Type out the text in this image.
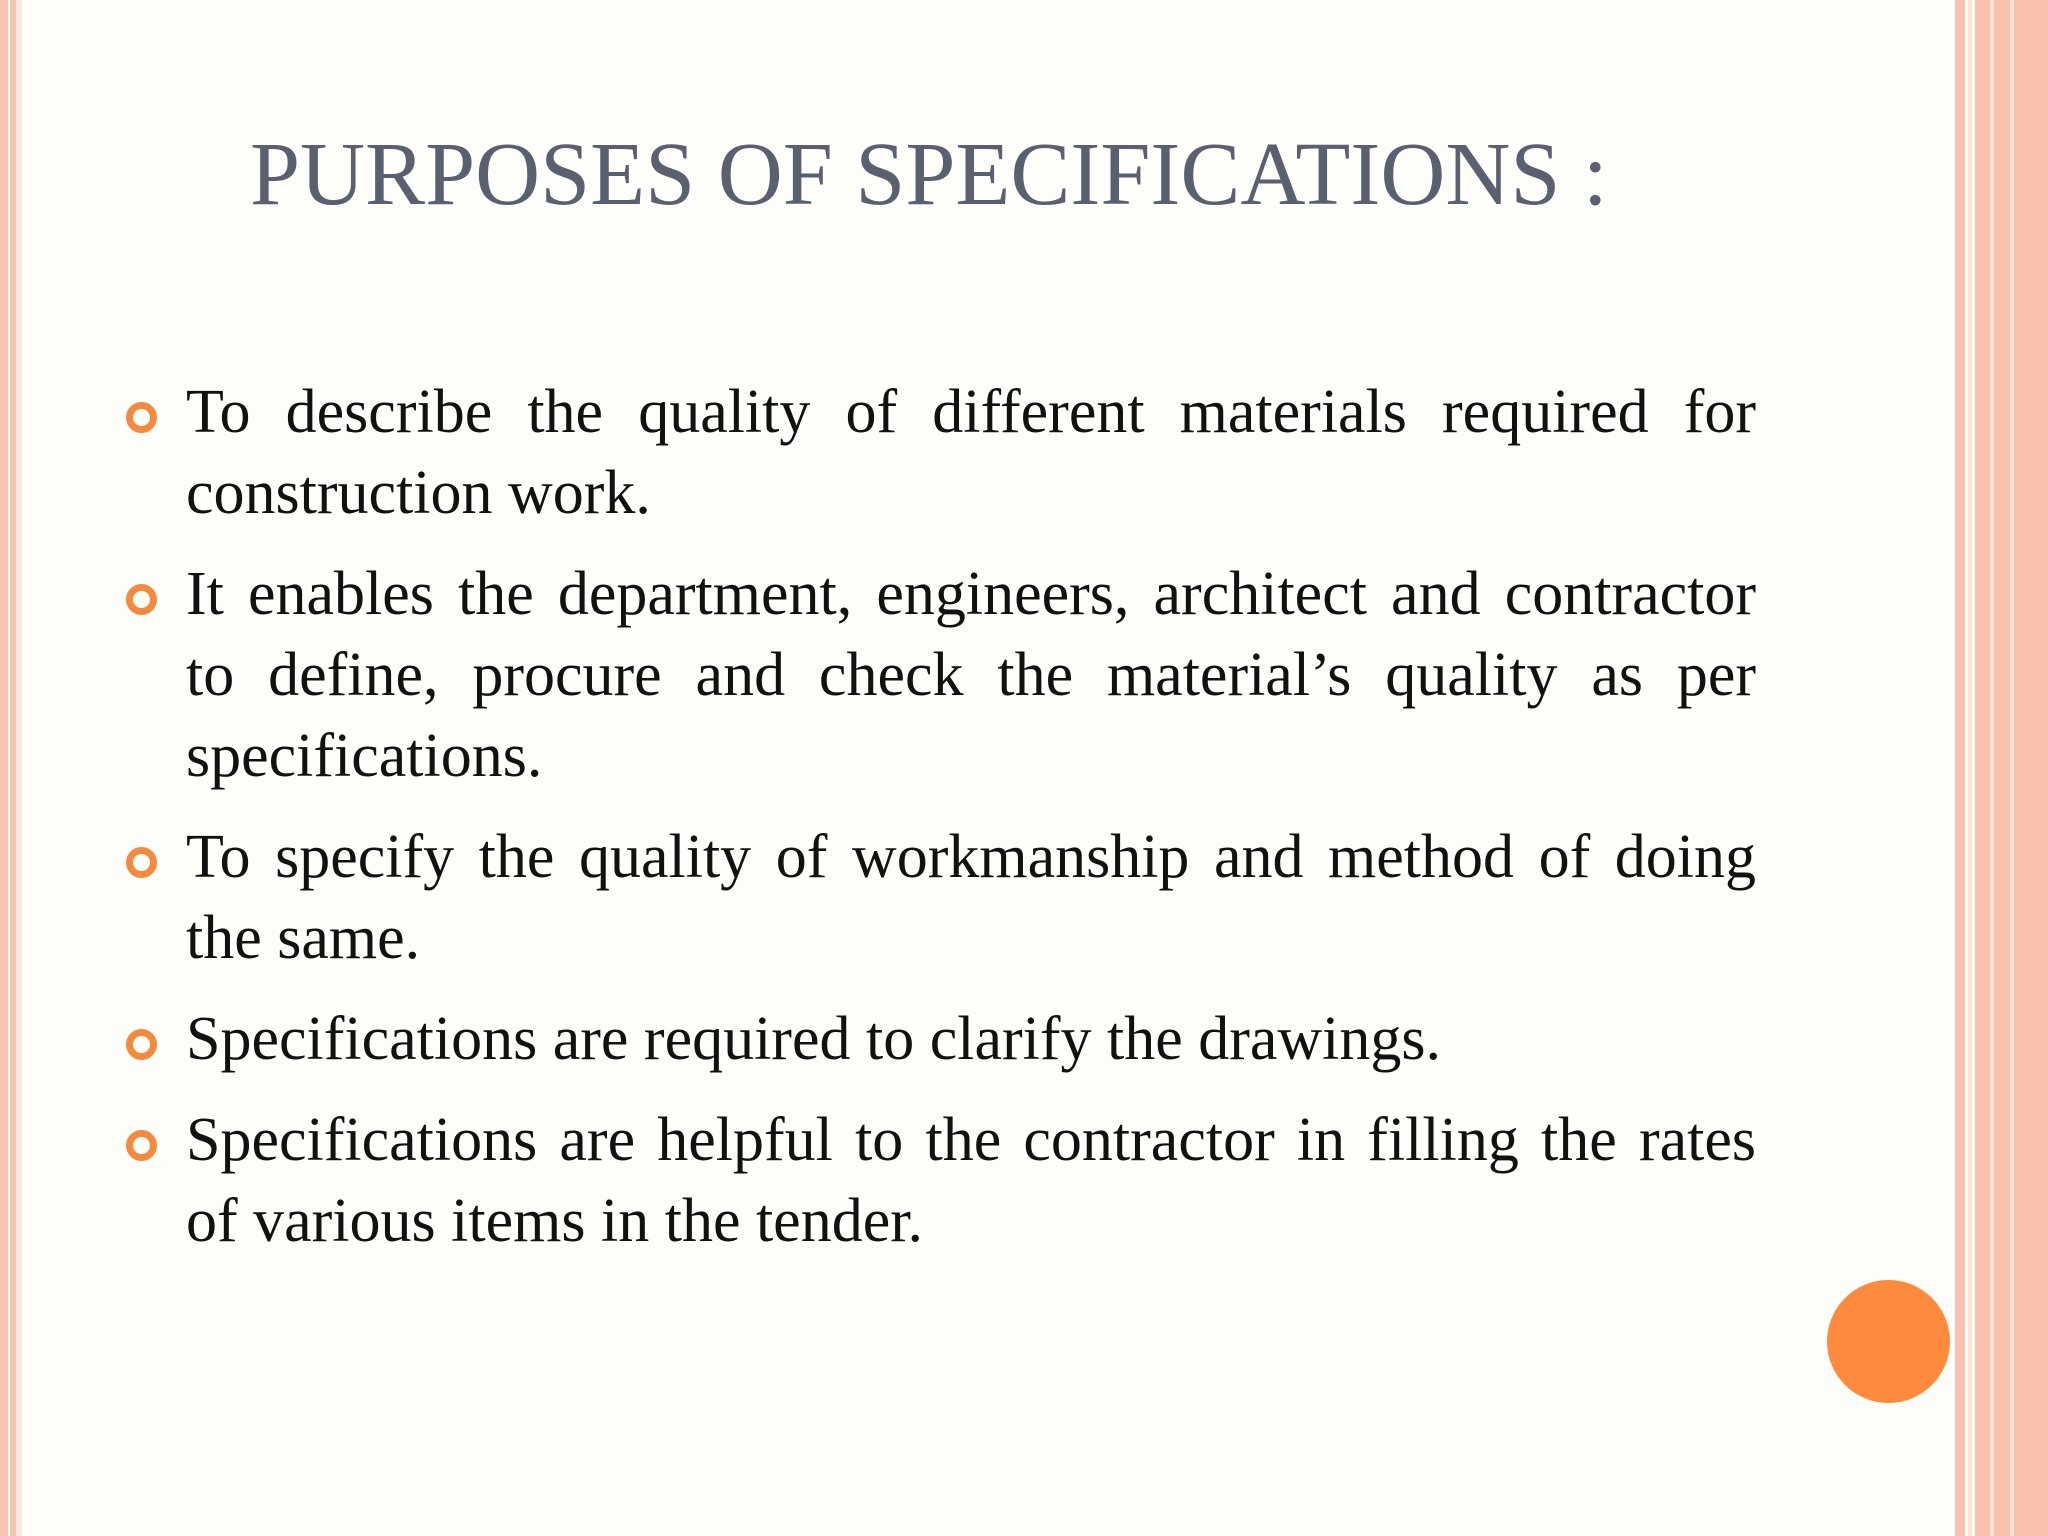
PURPOSES OF SPECIFICATIONS :
To describe the quality of different materials required for construction work.
It enables the department, engineers, architect and contractor to define, procure and check the material’s quality as per specifications.
To specify the quality of workmanship and method of doing the same.
Specifications are required to clarify the drawings.
Specifications are helpful to the contractor in filling the rates of various items in the tender.
